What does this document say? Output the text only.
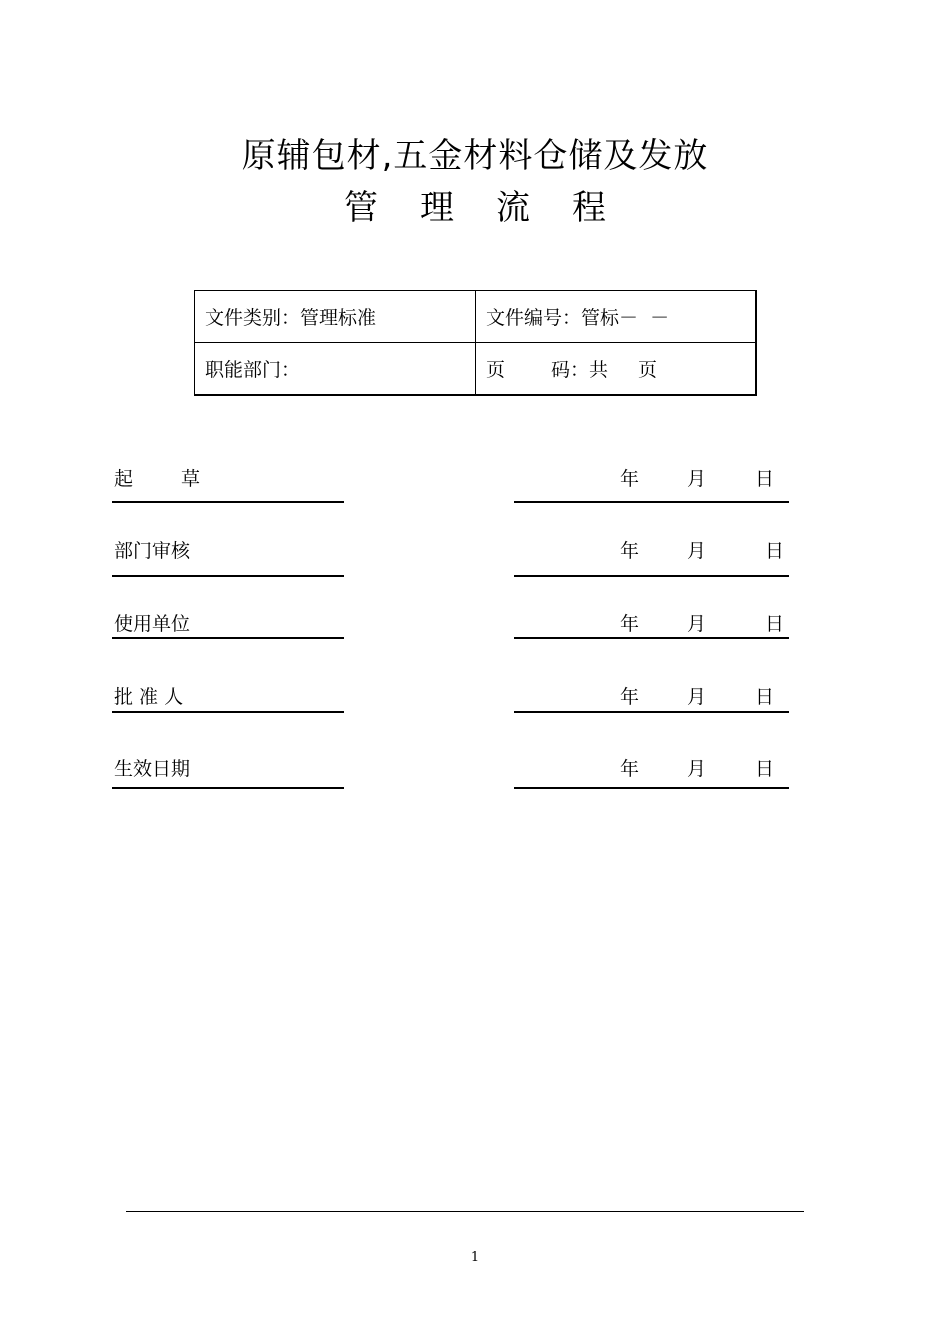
原辅包材,五金材料仓储及发放
管 理 流 程
文件类别：管理标准	文件编号：管标－  －
职能部门：	页 码：共 页
起	草	年	月	日
部门审核	年	月	日
使用单位	年	月	日
批 准 人	年	月	日
生效日期	年	月	日
1
